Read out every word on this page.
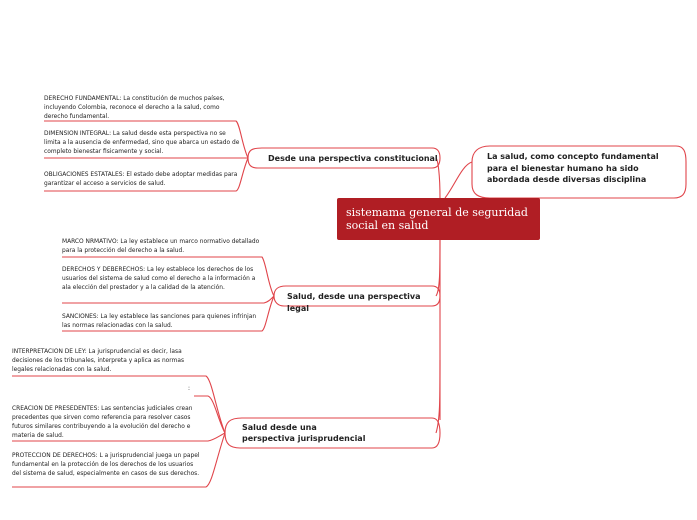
sistemama general de seguridad social en salud
La salud, como concepto fundamental para el bienestar humano ha sido abordada desde diversas disciplina
Desde una perspectiva constitucional
Salud, desde una perspectiva legal
Salud desde una perspectiva jurisprudencial
DERECHO FUNDAMENTAL: La constitución de muchos países, incluyendo Colombia, reconoce el derecho a la salud, como derecho fundamental.
DIMENSION INTEGRAL: La salud desde esta perspectiva no se limita a la ausencia de enfermedad, sino que abarca un estado de completo bienestar fisicamente y social.
OBLIGACIONES ESTATALES: El estado debe adoptar medidas para garantizar el acceso a servicios de salud.
MARCO NRMATIVO: La ley establece un marco normativo detallado para la protección del derecho a la salud.
DERECHOS Y DEBERECHOS: La ley establece los derechos de los usuarios del sistema de salud como el derecho a la información a ala elección del prestador y a la calidad de la atención.
SANCIONES: La ley establece las sanciones para quienes infrinjan las normas relacionadas con la salud.
INTERPRETACION DE LEY: La jurisprudencial es decir, lasa decisiones de los tribunales, interpreta y aplica as normas legales relacionadas con la salud.
:
CREACION DE PRESEDENTES: Las sentencias judiciales crean precedentes que sirven como referencia para resolver casos futuros similares contribuyendo a la evolución del derecho e materia de salud.
PROTECCION DE DERECHOS: L a jurisprudencial juega un papel fundamental en la protección de los derechos de los usuarios del sistema de salud, especialmente en casos de sus derechos.
